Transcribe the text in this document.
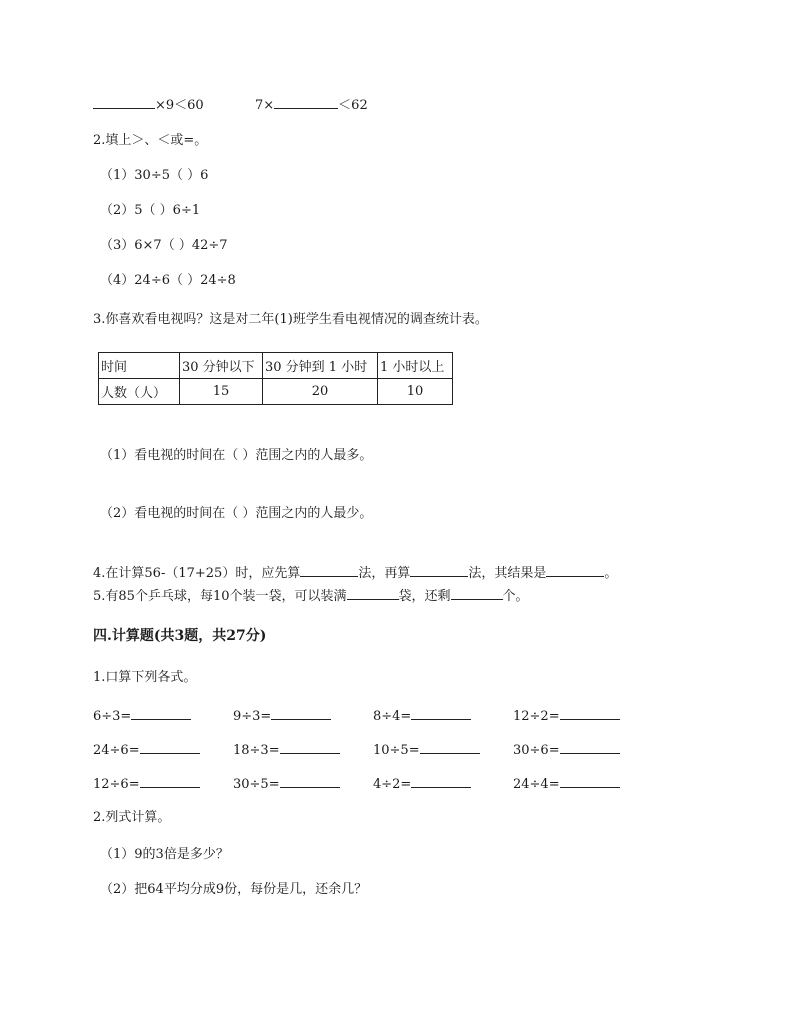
×9＜60	7×	＜62
2.填上＞、＜或=。
（1）30÷5（ ）6
（2）5（ ）6÷1
（3）6×7（ ）42÷7
（4）24÷6（ ）24÷8
3.你喜欢看电视吗？这是对二年(1)班学生看电视情况的调查统计表。
时间	30 分钟以下	30 分钟到 1 小时	1 小时以上
人数（人）	15	20	10
（1）看电视的时间在（ ）范围之内的人最多。
（2）看电视的时间在（ ）范围之内的人最少。
4.在计算56-（17+25）时，应先算	法，再算	法，其结果是	。
5.有85个乒乓球，每10个装一袋，可以装满	袋，还剩	个。
四.计算题(共3题，共27分)
1.口算下列各式。
6÷3=	9÷3=	8÷4=	12÷2=
24÷6=	18÷3=	10÷5=	30÷6=
12÷6=	30÷5=	4÷2=	24÷4=
2.列式计算。
（1）9的3倍是多少？
（2）把64平均分成9份，每份是几，还余几？
